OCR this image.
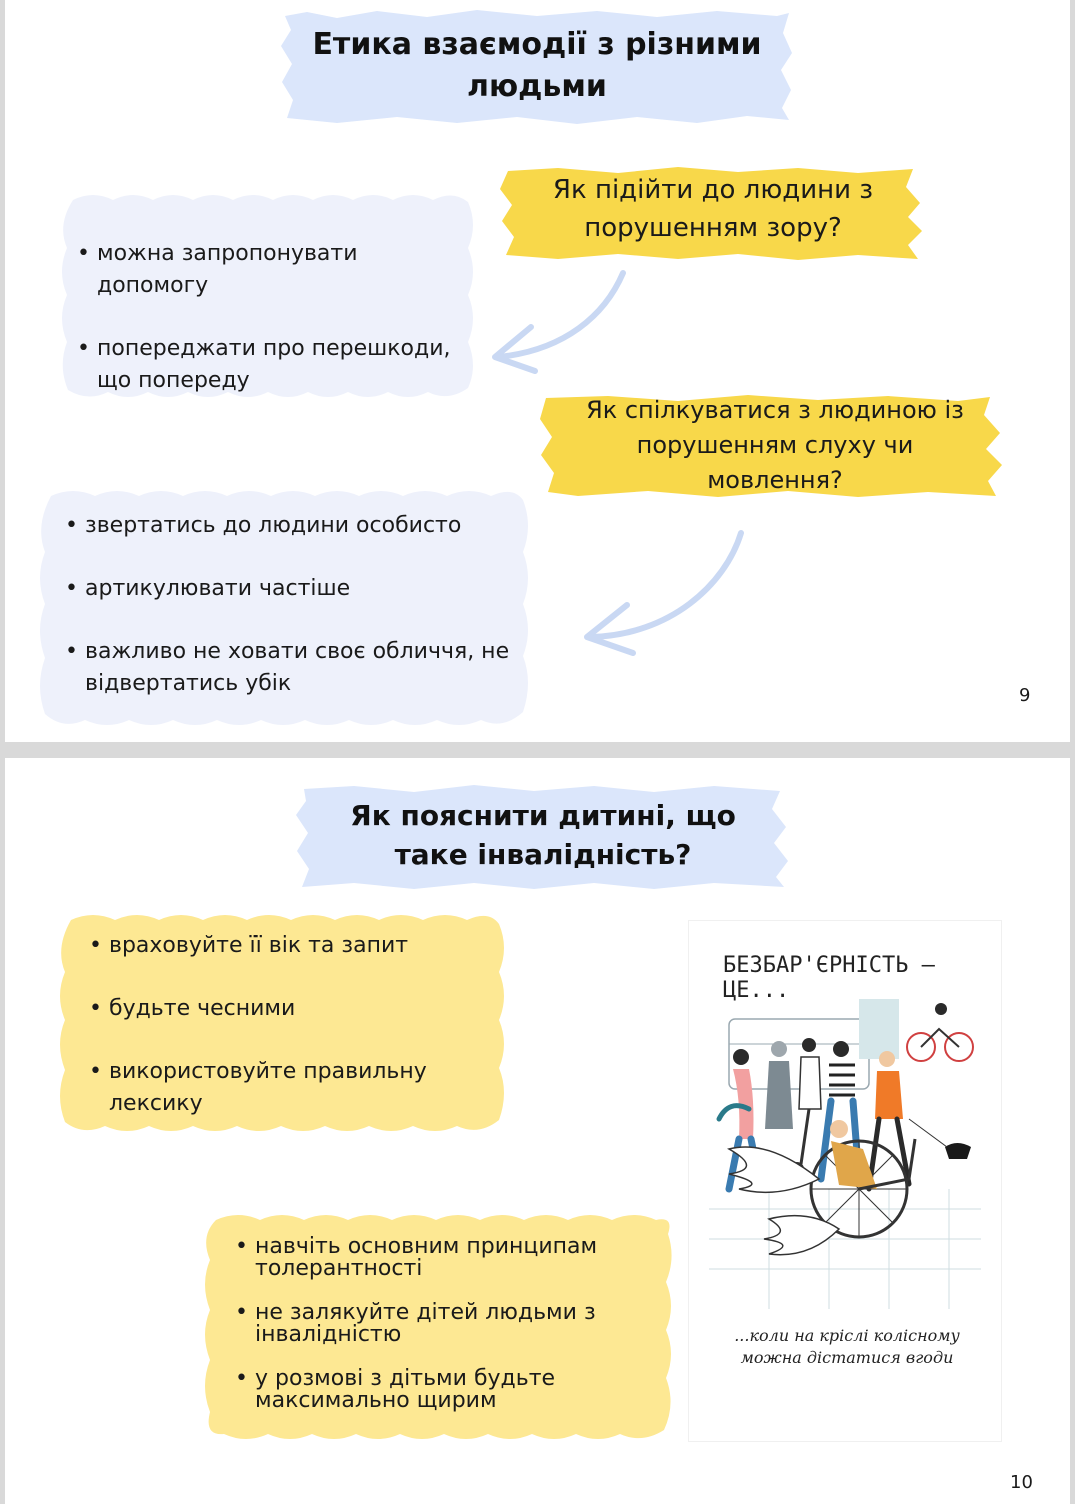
Етика взаємодії з різними людьми
Як підійти до людини з порушенням зору?
• можна запропонувати допомогу
• попереджати про перешкоди, що попереду
Як спілкуватися з людиною із порушенням слуху чи мовлення?
• звертатись до людини особисто
• артикулювати частіше
• важливо не ховати своє обличчя, не відвертатись убік	9
Як пояснити дитині, що таке інвалідність?
• враховуйте її вік та запит
• будьте чесними
• використовуйте правильну лексику
• навчіть основним принципам толерантності
• не залякуйте дітей людьми з інвалідністю
• у розмові з дітьми будьте максимально щирим
БЕЗБАР'ЄРНІСТЬ — ЦЕ...
...коли на кріслі колісному можна дістатися вгоди
10
